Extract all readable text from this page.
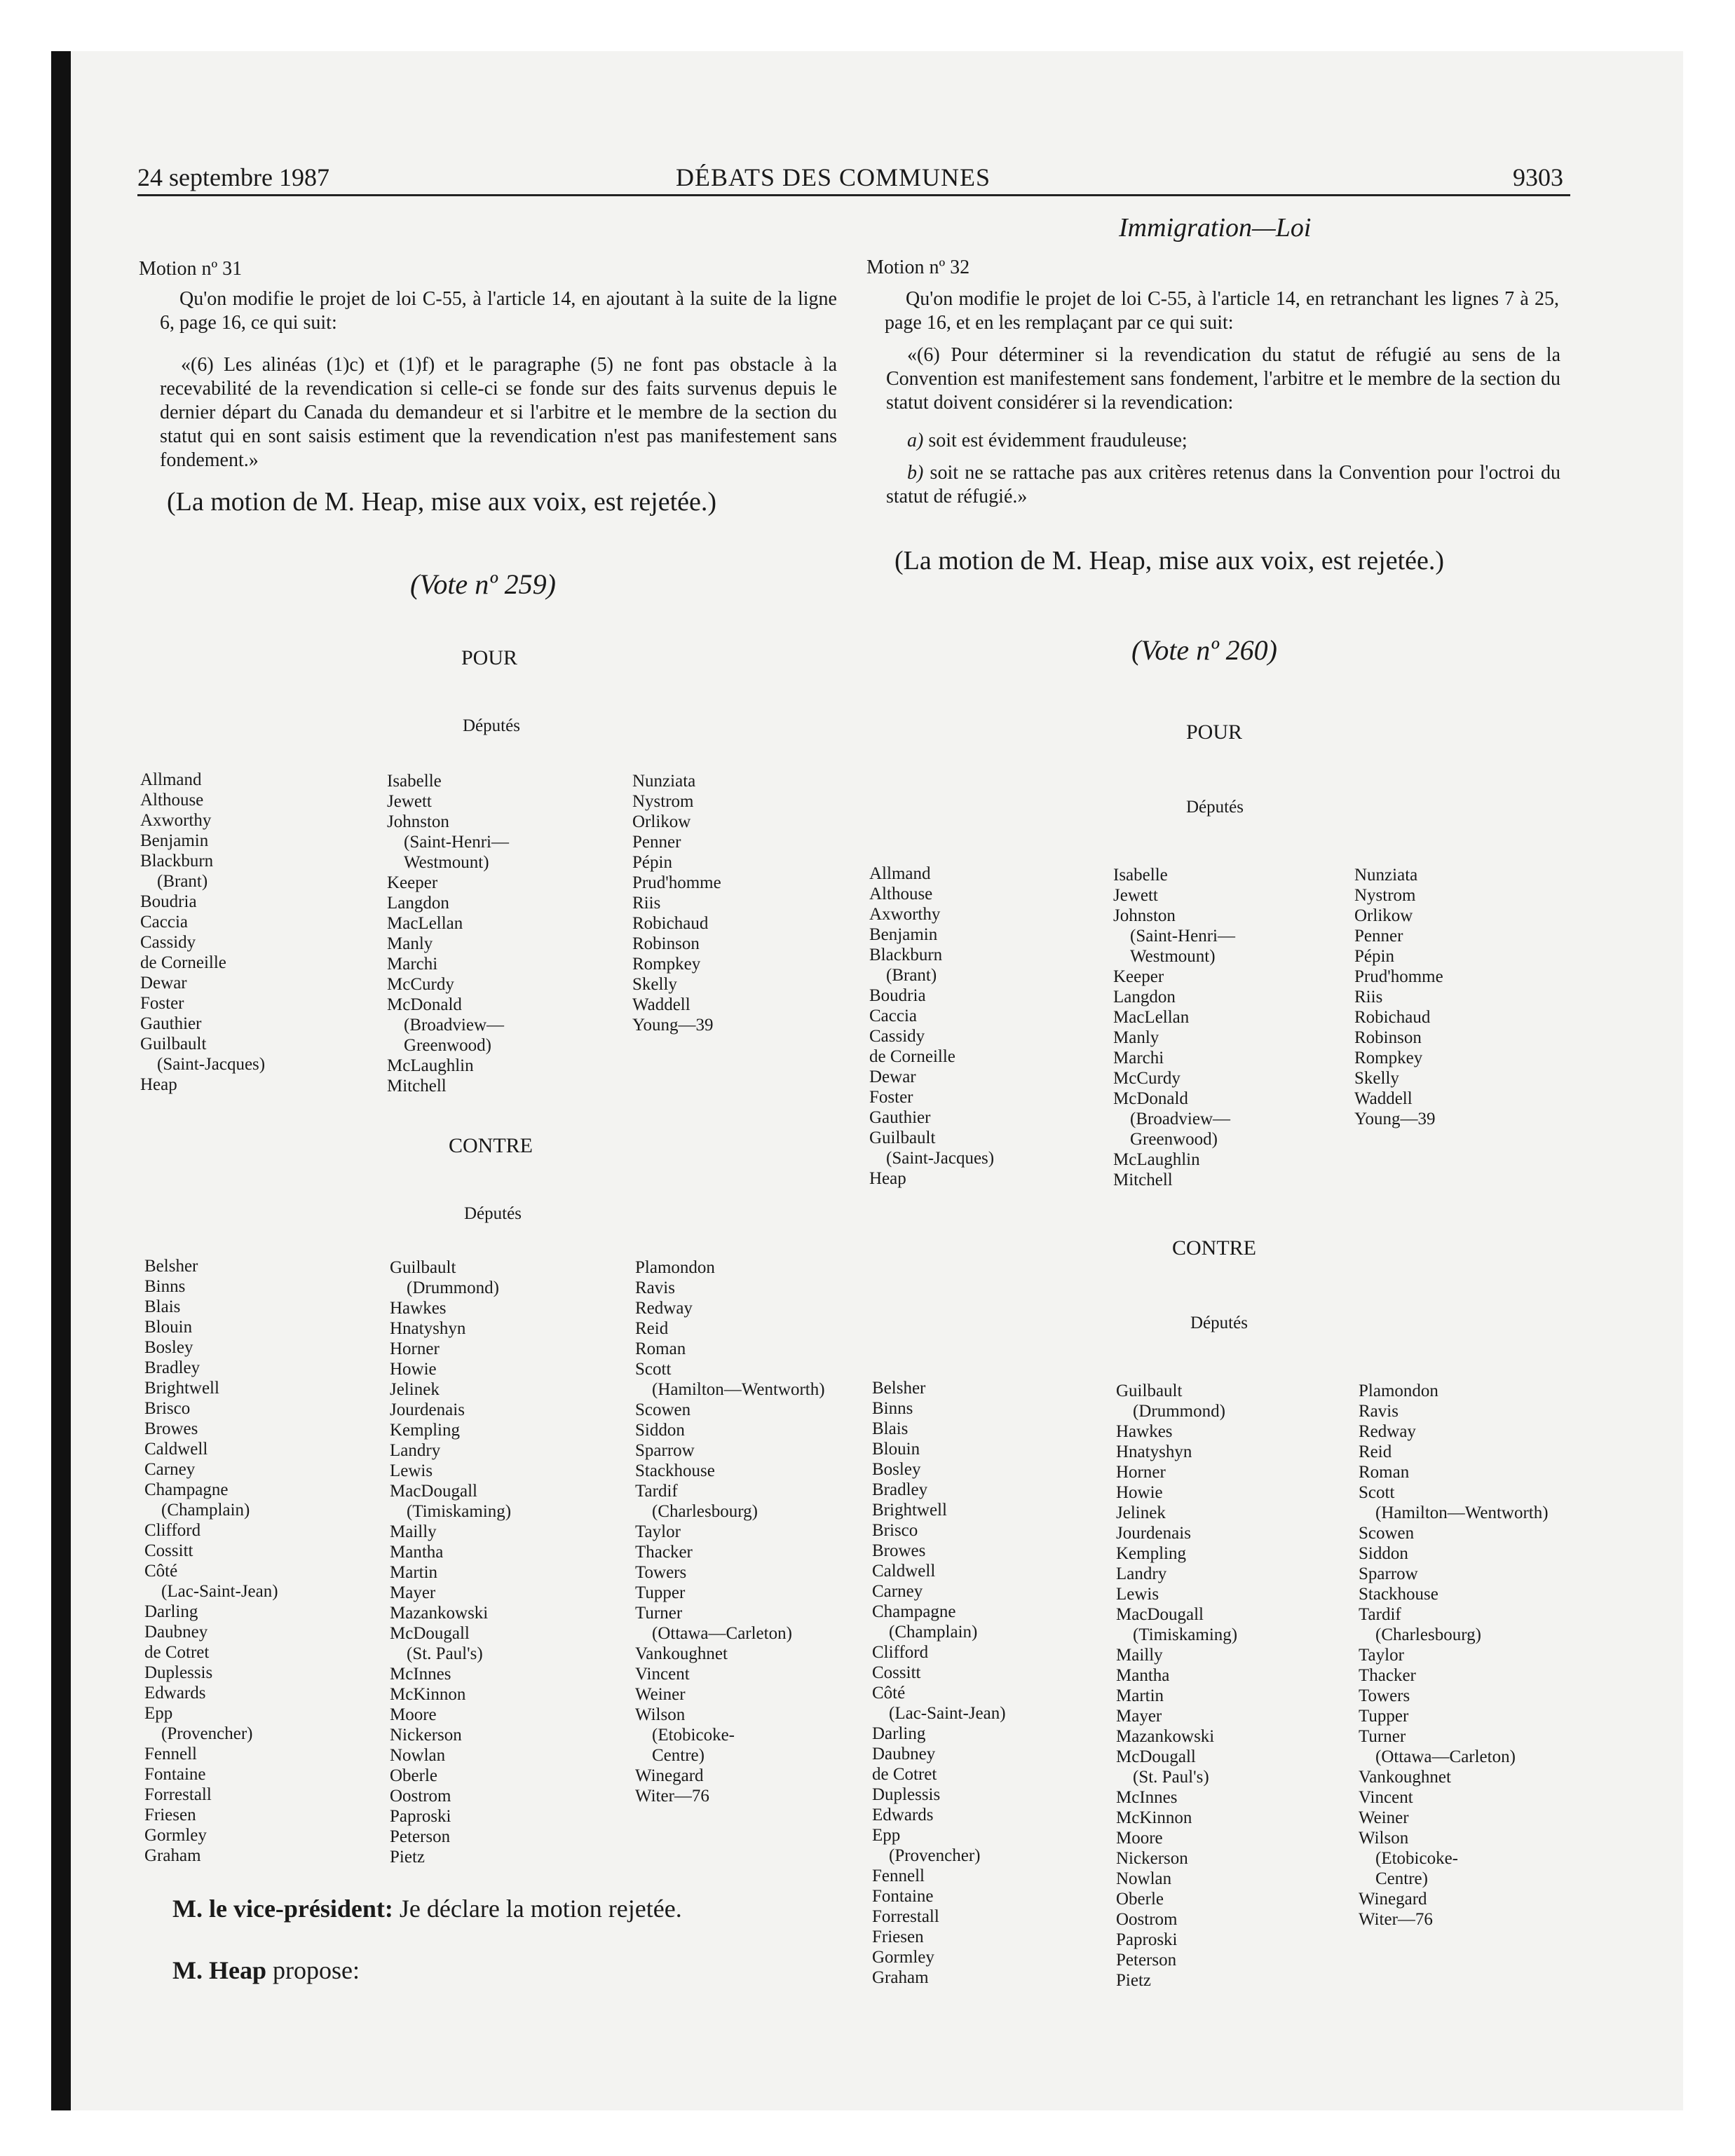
24 septembre 1987	DÉBATS DES COMMUNES	9303
Immigration—Loi
Motion nº 31
Qu'on modifie le projet de loi C-55, à l'article 14, en ajoutant à la suite de la ligne 6, page 16, ce qui suit:
«(6) Les alinéas (1)c) et (1)f) et le paragraphe (5) ne font pas obstacle à la recevabilité de la revendication si celle-ci se fonde sur des faits survenus depuis le dernier départ du Canada du demandeur et si l'arbitre et le membre de la section du statut qui en sont saisis estiment que la revendication n'est pas manifestement sans fondement.»
(La motion de M. Heap, mise aux voix, est rejetée.)
(Vote nº 259)
POUR
Députés
Allmand
Althouse
Axworthy
Benjamin
Blackburn
(Brant)
Boudria
Caccia
Cassidy
de Corneille
Dewar
Foster
Gauthier
Guilbault
(Saint-Jacques)
Heap
Isabelle
Jewett
Johnston
(Saint-Henri—
Westmount)
Keeper
Langdon
MacLellan
Manly
Marchi
McCurdy
McDonald
(Broadview—
Greenwood)
McLaughlin
Mitchell
Nunziata
Nystrom
Orlikow
Penner
Pépin
Prud'homme
Riis
Robichaud
Robinson
Rompkey
Skelly
Waddell
Young—39
CONTRE
Députés
Belsher
Binns
Blais
Blouin
Bosley
Bradley
Brightwell
Brisco
Browes
Caldwell
Carney
Champagne
(Champlain)
Clifford
Cossitt
Côté
(Lac-Saint-Jean)
Darling
Daubney
de Cotret
Duplessis
Edwards
Epp
(Provencher)
Fennell
Fontaine
Forrestall
Friesen
Gormley
Graham
Guilbault
(Drummond)
Hawkes
Hnatyshyn
Horner
Howie
Jelinek
Jourdenais
Kempling
Landry
Lewis
MacDougall
(Timiskaming)
Mailly
Mantha
Martin
Mayer
Mazankowski
McDougall
(St. Paul's)
McInnes
McKinnon
Moore
Nickerson
Nowlan
Oberle
Oostrom
Paproski
Peterson
Pietz
Plamondon
Ravis
Redway
Reid
Roman
Scott
(Hamilton—Wentworth)
Scowen
Siddon
Sparrow
Stackhouse
Tardif
(Charlesbourg)
Taylor
Thacker
Towers
Tupper
Turner
(Ottawa—Carleton)
Vankoughnet
Vincent
Weiner
Wilson
(Etobicoke-
Centre)
Winegard
Witer—76
M. le vice-président: Je déclare la motion rejetée.
M. Heap propose:
Motion nº 32
Qu'on modifie le projet de loi C-55, à l'article 14, en retranchant les lignes 7 à 25, page 16, et en les remplaçant par ce qui suit:
«(6) Pour déterminer si la revendication du statut de réfugié au sens de la Convention est manifestement sans fondement, l'arbitre et le membre de la section du statut doivent considérer si la revendication:
a) soit est évidemment frauduleuse;
b) soit ne se rattache pas aux critères retenus dans la Convention pour l'octroi du statut de réfugié.»
(La motion de M. Heap, mise aux voix, est rejetée.)
(Vote nº 260)
POUR
Députés
Allmand
Althouse
Axworthy
Benjamin
Blackburn
(Brant)
Boudria
Caccia
Cassidy
de Corneille
Dewar
Foster
Gauthier
Guilbault
(Saint-Jacques)
Heap
Isabelle
Jewett
Johnston
(Saint-Henri—
Westmount)
Keeper
Langdon
MacLellan
Manly
Marchi
McCurdy
McDonald
(Broadview—
Greenwood)
McLaughlin
Mitchell
Nunziata
Nystrom
Orlikow
Penner
Pépin
Prud'homme
Riis
Robichaud
Robinson
Rompkey
Skelly
Waddell
Young—39
CONTRE
Députés
Belsher
Binns
Blais
Blouin
Bosley
Bradley
Brightwell
Brisco
Browes
Caldwell
Carney
Champagne
(Champlain)
Clifford
Cossitt
Côté
(Lac-Saint-Jean)
Darling
Daubney
de Cotret
Duplessis
Edwards
Epp
(Provencher)
Fennell
Fontaine
Forrestall
Friesen
Gormley
Graham
Guilbault
(Drummond)
Hawkes
Hnatyshyn
Horner
Howie
Jelinek
Jourdenais
Kempling
Landry
Lewis
MacDougall
(Timiskaming)
Mailly
Mantha
Martin
Mayer
Mazankowski
McDougall
(St. Paul's)
McInnes
McKinnon
Moore
Nickerson
Nowlan
Oberle
Oostrom
Paproski
Peterson
Pietz
Plamondon
Ravis
Redway
Reid
Roman
Scott
(Hamilton—Wentworth)
Scowen
Siddon
Sparrow
Stackhouse
Tardif
(Charlesbourg)
Taylor
Thacker
Towers
Tupper
Turner
(Ottawa—Carleton)
Vankoughnet
Vincent
Weiner
Wilson
(Etobicoke-
Centre)
Winegard
Witer—76
